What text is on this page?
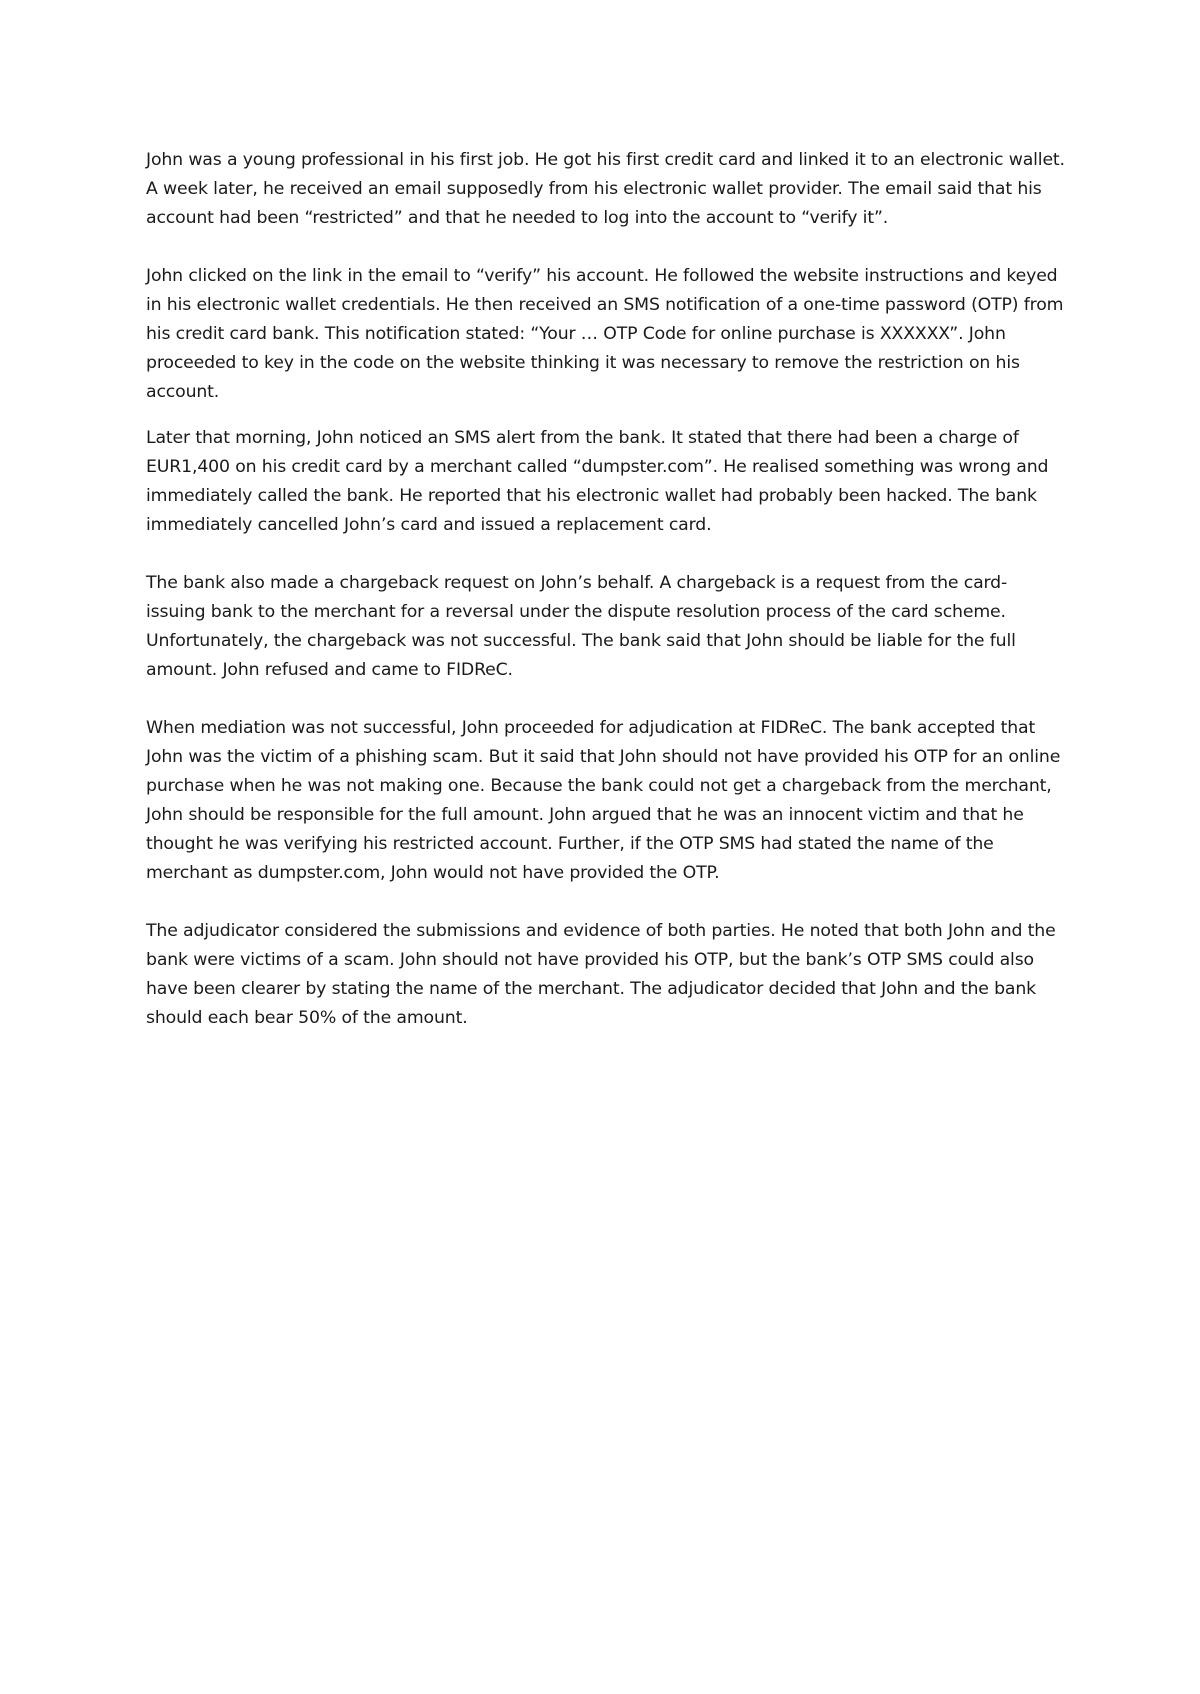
John was a young professional in his first job. He got his first credit card and linked it to an electronic wallet. A week later, he received an email supposedly from his electronic wallet provider. The email said that his account had been “restricted” and that he needed to log into the account to “verify it”.

John clicked on the link in the email to “verify” his account. He followed the website instructions and keyed in his electronic wallet credentials. He then received an SMS notification of a one-time password (OTP) from his credit card bank. This notification stated: “Your … OTP Code for online purchase is XXXXXX”. John proceeded to key in the code on the website thinking it was necessary to remove the restriction on his account.

Later that morning, John noticed an SMS alert from the bank. It stated that there had been a charge of EUR1,400 on his credit card by a merchant called “dumpster.com”. He realised something was wrong and immediately called the bank. He reported that his electronic wallet had probably been hacked. The bank immediately cancelled John’s card and issued a replacement card.

The bank also made a chargeback request on John’s behalf. A chargeback is a request from the card-issuing bank to the merchant for a reversal under the dispute resolution process of the card scheme. Unfortunately, the chargeback was not successful. The bank said that John should be liable for the full amount. John refused and came to FIDReC.

When mediation was not successful, John proceeded for adjudication at FIDReC. The bank accepted that John was the victim of a phishing scam. But it said that John should not have provided his OTP for an online purchase when he was not making one. Because the bank could not get a chargeback from the merchant, John should be responsible for the full amount. John argued that he was an innocent victim and that he thought he was verifying his restricted account. Further, if the OTP SMS had stated the name of the merchant as dumpster.com, John would not have provided the OTP.

The adjudicator considered the submissions and evidence of both parties. He noted that both John and the bank were victims of a scam. John should not have provided his OTP, but the bank’s OTP SMS could also have been clearer by stating the name of the merchant. The adjudicator decided that John and the bank should each bear 50% of the amount.
